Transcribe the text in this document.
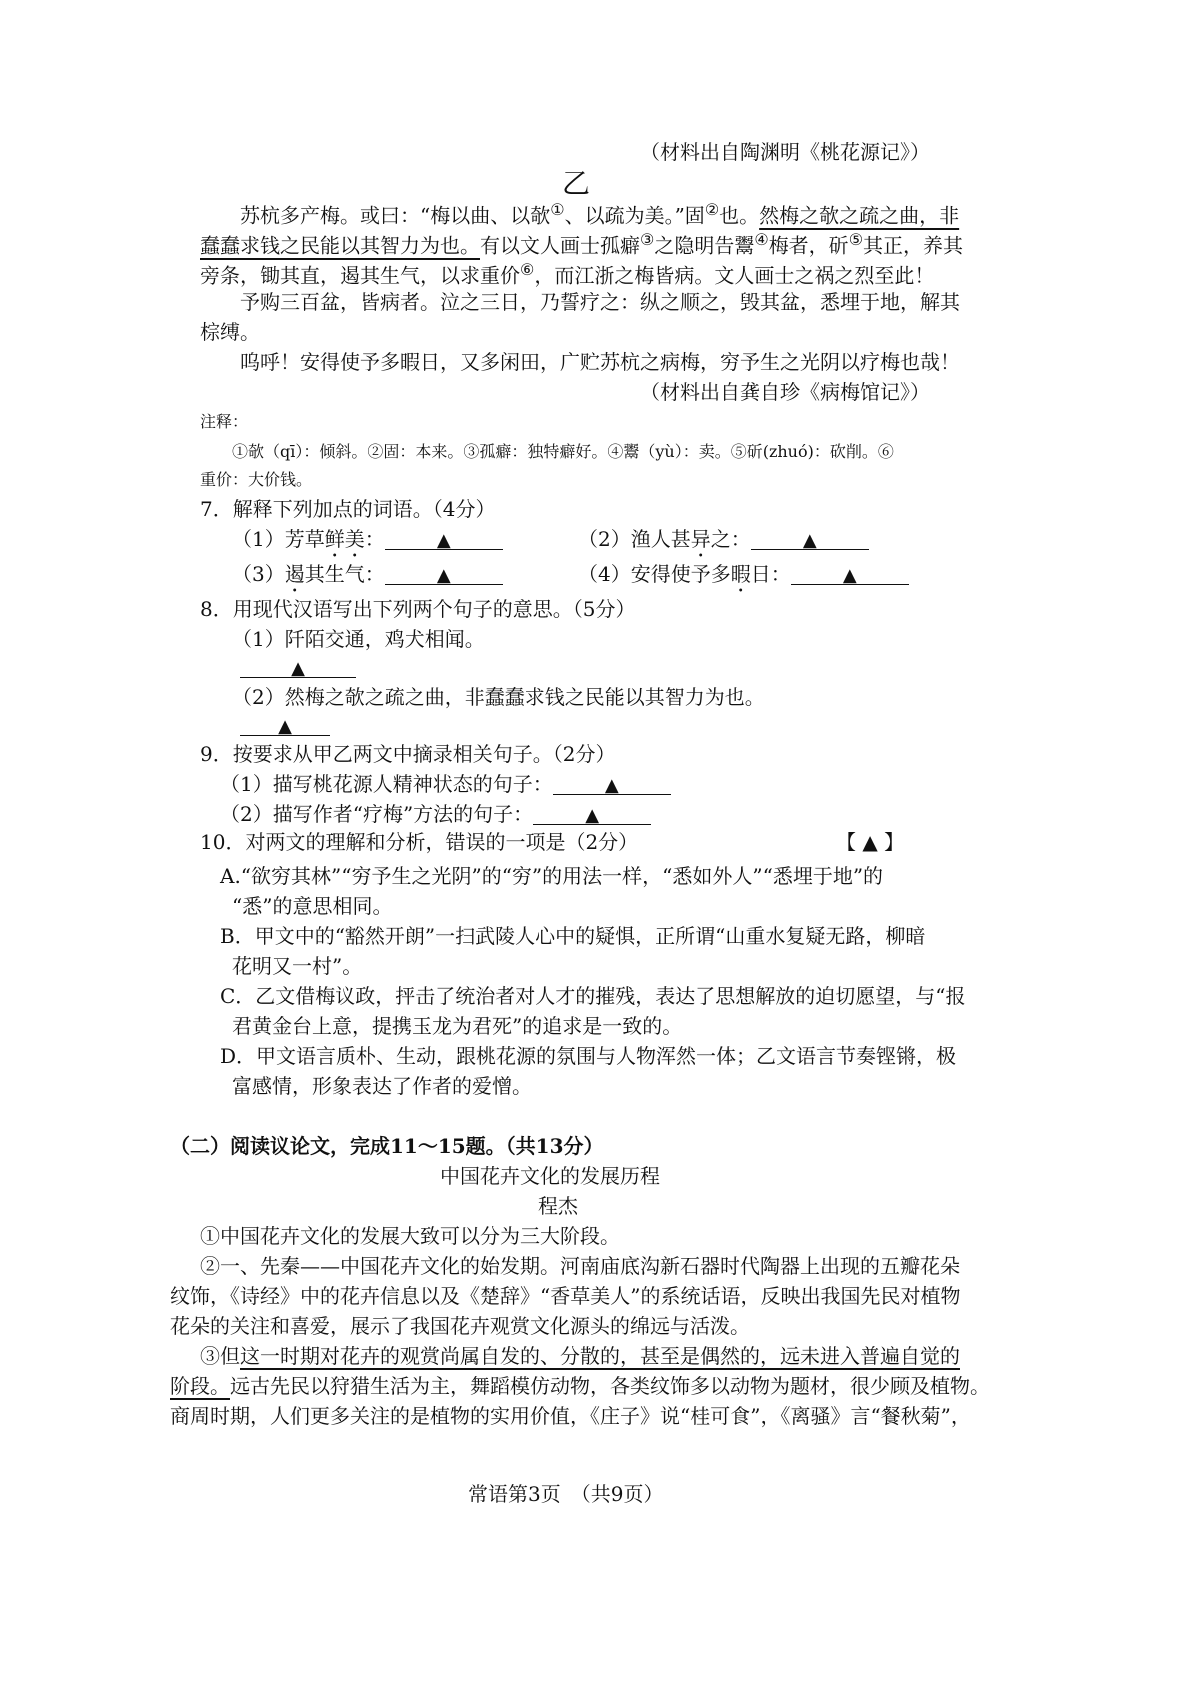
（材料出自陶渊明《桃花源记》）
乙
苏杭多产梅。或曰：“梅以曲、以欹①、以疏为美。”固②也。然梅之欹之疏之曲，非
蠢蠢求钱之民能以其智力为也。有以文人画士孤癖③之隐明告鬻④梅者，斫⑤其正，养其
旁条，锄其直，遏其生气，以求重价⑥，而江浙之梅皆病。文人画士之祸之烈至此！
予购三百盆，皆病者。泣之三日，乃誓疗之：纵之顺之，毁其盆，悉埋于地，解其
棕缚。
呜呼！安得使予多暇日，又多闲田，广贮苏杭之病梅，穷予生之光阴以疗梅也哉！
（材料出自龚自珍《病梅馆记》）
注释：
①欹（qī）：倾斜。②固：本来。③孤癖：独特癖好。④鬻（yù）：卖。⑤斫(zhuó)：砍削。⑥
重价：大价钱。
7．解释下列加点的词语。（4分）
（1）芳草鲜美：	▲	（2）渔人甚异之：	▲
（3）遏其生气：	▲	（4）安得使予多暇日：	▲
8．用现代汉语写出下列两个句子的意思。（5分）
（1）阡陌交通，鸡犬相闻。
▲
（2）然梅之欹之疏之曲，非蠢蠢求钱之民能以其智力为也。
▲
9．按要求从甲乙两文中摘录相关句子。（2分）
（1）描写桃花源人精神状态的句子：	▲
（2）描写作者“疗梅”方法的句子：	▲
10．对两文的理解和分析，错误的一项是（2分）	【 ▲ 】
A.“欲穷其林”“穷予生之光阴”的“穷”的用法一样，“悉如外人”“悉埋于地”的
“悉”的意思相同。
B．甲文中的“豁然开朗”一扫武陵人心中的疑惧，正所谓“山重水复疑无路，柳暗
花明又一村”。
C．乙文借梅议政，抨击了统治者对人才的摧残，表达了思想解放的迫切愿望，与“报
君黄金台上意，提携玉龙为君死”的追求是一致的。
D．甲文语言质朴、生动，跟桃花源的氛围与人物浑然一体；乙文语言节奏铿锵，极
富感情，形象表达了作者的爱憎。
（二）阅读议论文，完成11～15题。（共13分）
中国花卉文化的发展历程
程杰
①中国花卉文化的发展大致可以分为三大阶段。
②一、先秦——中国花卉文化的始发期。河南庙底沟新石器时代陶器上出现的五瓣花朵
纹饰，《诗经》中的花卉信息以及《楚辞》“香草美人”的系统话语，反映出我国先民对植物
花朵的关注和喜爱，展示了我国花卉观赏文化源头的绵远与活泼。
③但这一时期对花卉的观赏尚属自发的、分散的，甚至是偶然的，远未进入普遍自觉的
阶段。远古先民以狩猎生活为主，舞蹈模仿动物，各类纹饰多以动物为题材，很少顾及植物。
商周时期，人们更多关注的是植物的实用价值，《庄子》说“桂可食”，《离骚》言“餐秋菊”，
常语第3页　（共9页）
